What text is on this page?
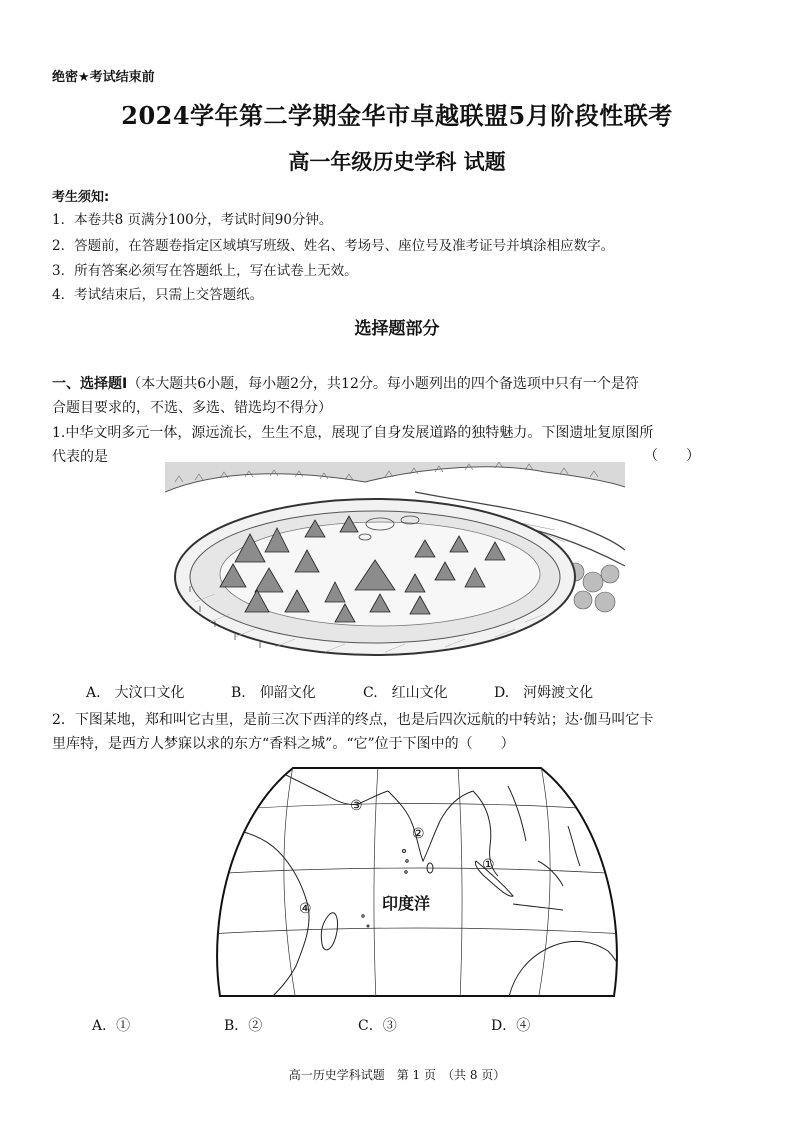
绝密★考试结束前
2024学年第二学期金华市卓越联盟5月阶段性联考
高一年级历史学科 试题
考生须知:
1．本卷共8 页满分100分，考试时间90分钟。
2．答题前，在答题卷指定区域填写班级、姓名、考场号、座位号及准考证号并填涂相应数字。
3．所有答案必须写在答题纸上，写在试卷上无效。
4．考试结束后，只需上交答题纸。
选择题部分
一、选择题Ⅰ（本大题共6小题，每小题2分，共12分。每小题列出的四个备选项中只有一个是符
合题目要求的，不选、多选、错选均不得分）
1.中华文明多元一体，源远流长，生生不息，展现了自身发展道路的独特魅力。下图遗址复原图所
代表的是	（　　）
A.　大汶口文化	B.　仰韶文化	C.　红山文化	D.　河姆渡文化
2．下图某地，郑和叫它古里，是前三次下西洋的终点，也是后四次远航的中转站；达·伽马叫它卡
里库特，是西方人梦寐以求的东方“香料之城”。“它”位于下图中的（　　）
①
②
③
④	印度洋
A．①	B．②	C．③	D．④
高一历史学科试题　第 1 页　（共 8 页）
